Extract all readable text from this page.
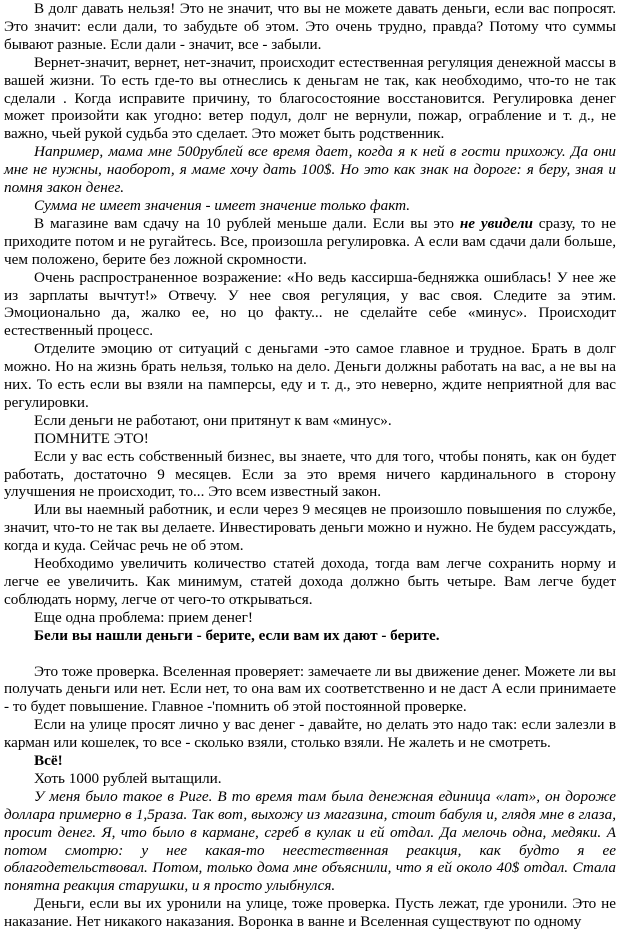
В долг давать нельзя! Это не значит, что вы не можете давать деньги, если вас попросят. Это значит: если дали, то забудьте об этом. Это очень трудно, правда? Потому что суммы бывают разные. Если дали - значит, все - забыли.

Вернет-значит, вернет, нет-значит, происходит естественная регуляция денежной массы в вашей жизни. То есть где-то вы отнеслись к деньгам не так, как необходимо, что-то не так сделали . Когда исправите причину, то благосостояние восстановится. Регулировка денег может произойти как угодно: ветер подул, долг не вернули, пожар, ограбление и т. д., не важно, чьей рукой судьба это сделает. Это может быть родственник.

Например, мама мне 500рублей все время дает, когда я к ней в гости прихожу. Да они мне не нужны, наоборот, я маме хочу дать 100$. Но это как знак на дороге: я беру, зная и помня закон денег.

Сумма не имеет значения - имеет значение только факт.

В магазине вам сдачу на 10 рублей меньше дали. Если вы это не увидели сразу, то не приходите потом и не ругайтесь. Все, произошла регулировка. А если вам сдачи дали больше, чем положено, берите без ложной скромности.

Очень распространенное возражение: «Но ведь кассирша-бедняжка ошиблась! У нее же из зарплаты вычтут!» Отвечу. У нее своя регуляция, у вас своя. Следите за этим. Эмоционально да, жалко ее, но цо факту... не сделайте себе «минус». Происходит естественный процесс.

Отделите эмоцию от ситуаций с деньгами -это самое главное и трудное. Брать в долг можно. Но на жизнь брать нельзя, только на дело. Деньги должны работать на вас, а не вы на них. То есть если вы взяли на памперсы, еду и т. д., это неверно, ждите неприятной для вас регулировки.

Если деньги не работают, они притянут к вам «минус».

ПОМНИТЕ ЭТО!

Если у вас есть собственный бизнес, вы знаете, что для того, чтобы понять, как он будет работать, достаточно 9 месяцев. Если за это время ничего кардинального в сторону улучшения не происходит, то... Это всем известный закон.

Или вы наемный работник, и если через 9 месяцев не произошло повышения по службе, значит, что-то не так вы делаете. Инвестировать деньги можно и нужно. Не будем рассуждать, когда и куда. Сейчас речь не об этом.

Необходимо увеличить количество статей дохода, тогда вам легче сохранить норму и легче ее увеличить. Как минимум, статей дохода должно быть четыре. Вам легче будет соблюдать норму, легче от чего-то открываться.

Еще одна проблема: прием денег!

Бели вы нашли деньги - берите, если вам их дают - берите.

Это тоже проверка. Вселенная проверяет: замечаете ли вы движение денег. Можете ли вы получать деньги или нет. Если нет, то она вам их соответственно и не даст А если принимаете - то будет повышение. Главное -'помнить об этой постоянной проверке.

Если на улице просят лично у вас денег - давайте, но делать это надо так: если залезли в карман или кошелек, то все - сколько взяли, столько взяли. Не жалеть и не смотреть.

Всё!

Хоть 1000 рублей вытащили.

У меня было такое в Риге. В то время там была денежная единица «лат», он дороже доллара примерно в 1,5раза. Так вот, выхожу из магазина, стоит бабуля и, глядя мне в глаза, просит денег. Я, что было в кармане, сгреб в кулак и ей отдал. Да мелочь одна, медяки. А потом смотрю: у нее какая-то неестественная реакция, как будто я ее облагодетельствовал. Потом, только дома мне объяснили, что я ей около 40$ отдал. Стала понятна реакция старушки, и я просто улыбнулся.

Деньги, если вы их уронили на улице, тоже проверка. Пусть лежат, где уронили. Это не наказание. Нет никакого наказания. Воронка в ванне и Вселенная существуют по одному
